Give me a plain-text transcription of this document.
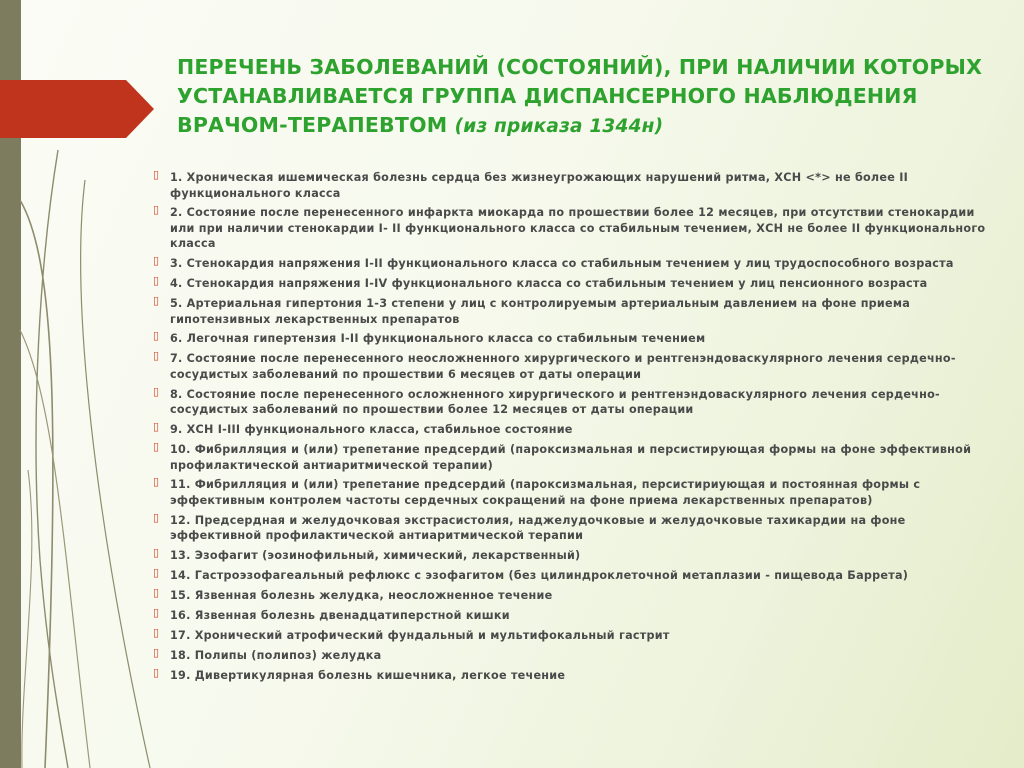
ПЕРЕЧЕНЬ ЗАБОЛЕВАНИЙ (СОСТОЯНИЙ), ПРИ НАЛИЧИИ КОТОРЫХ УСТАНАВЛИВАЕТСЯ ГРУППА ДИСПАНСЕРНОГО НАБЛЮДЕНИЯ ВРАЧОМ-ТЕРАПЕВТОМ (из приказа 1344н)
▯ 1. Хроническая ишемическая болезнь сердца без жизнеугрожающих нарушений ритма, ХСН <*> не более II функционального класса
▯ 2. Состояние после перенесенного инфаркта миокарда по прошествии более 12 месяцев, при отсутствии стенокардии или при наличии стенокардии I- II функционального класса со стабильным течением, ХСН не более II функционального класса
▯ 3. Стенокардия напряжения I-II функционального класса со стабильным течением у лиц трудоспособного возраста
▯ 4. Стенокардия напряжения I-IV функционального класса со стабильным течением у лиц пенсионного возраста
▯ 5. Артериальная гипертония 1-3 степени у лиц с контролируемым артериальным давлением на фоне приема гипотензивных лекарственных препаратов
▯ 6. Легочная гипертензия I-II функционального класса со стабильным течением
▯ 7. Состояние после перенесенного неосложненного хирургического и рентгенэндоваскулярного лечения сердечно-сосудистых заболеваний по прошествии 6 месяцев от даты операции
▯ 8. Состояние после перенесенного осложненного хирургического и рентгенэндоваскулярного лечения сердечно-сосудистых заболеваний по прошествии более 12 месяцев от даты операции
▯ 9. ХСН I-III функционального класса, стабильное состояние
▯ 10. Фибрилляция и (или) трепетание предсердий (пароксизмальная и персистирующая формы на фоне эффективной профилактической антиаритмической терапии)
▯ 11. Фибрилляция и (или) трепетание предсердий (пароксизмальная, персистириующая и постоянная формы с эффективным контролем частоты сердечных сокращений на фоне приема лекарственных препаратов)
▯ 12. Предсердная и желудочковая экстрасистолия, наджелудочковые и желудочковые тахикардии на фоне эффективной профилактической антиаритмической терапии
▯ 13. Эзофагит (эозинофильный, химический, лекарственный)
▯ 14. Гастроэзофагеальный рефлюкс с эзофагитом (без цилиндроклеточной метаплазии - пищевода Баррета)
▯ 15. Язвенная болезнь желудка, неосложненное течение
▯ 16. Язвенная болезнь двенадцатиперстной кишки
▯ 17. Хронический атрофический фундальный и мультифокальный гастрит
▯ 18. Полипы (полипоз) желудка
▯ 19. Дивертикулярная болезнь кишечника, легкое течение
